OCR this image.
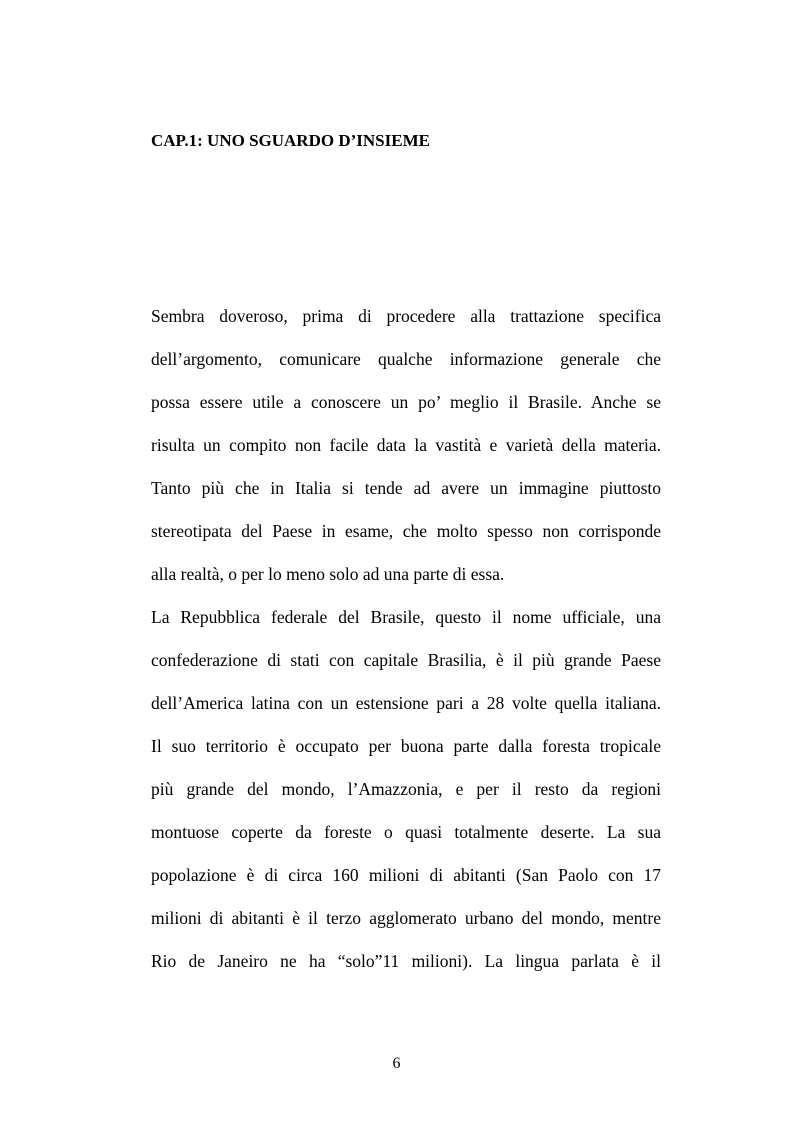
CAP.1: UNO SGUARDO D’INSIEME
Sembra doveroso, prima di procedere alla trattazione specifica
dell’argomento, comunicare qualche informazione generale che
possa essere utile a conoscere un po’ meglio il Brasile. Anche se
risulta un compito non facile data la vastità e varietà della materia.
Tanto più che in Italia si tende ad avere un immagine piuttosto
stereotipata del Paese in esame, che molto spesso non corrisponde
alla realtà, o per lo meno solo ad una parte di essa.
La Repubblica federale del Brasile, questo il nome ufficiale, una
confederazione di stati con capitale Brasilia, è il più grande Paese
dell’America latina con un estensione pari a 28 volte quella italiana.
Il suo territorio è occupato per buona parte dalla foresta tropicale
più grande del mondo, l’Amazzonia, e per il resto da regioni
montuose coperte da foreste o quasi totalmente deserte. La sua
popolazione è di circa 160 milioni di abitanti (San Paolo con 17
milioni di abitanti è il terzo agglomerato urbano del mondo, mentre
Rio de Janeiro ne ha “solo”11 milioni). La lingua parlata è il
6
